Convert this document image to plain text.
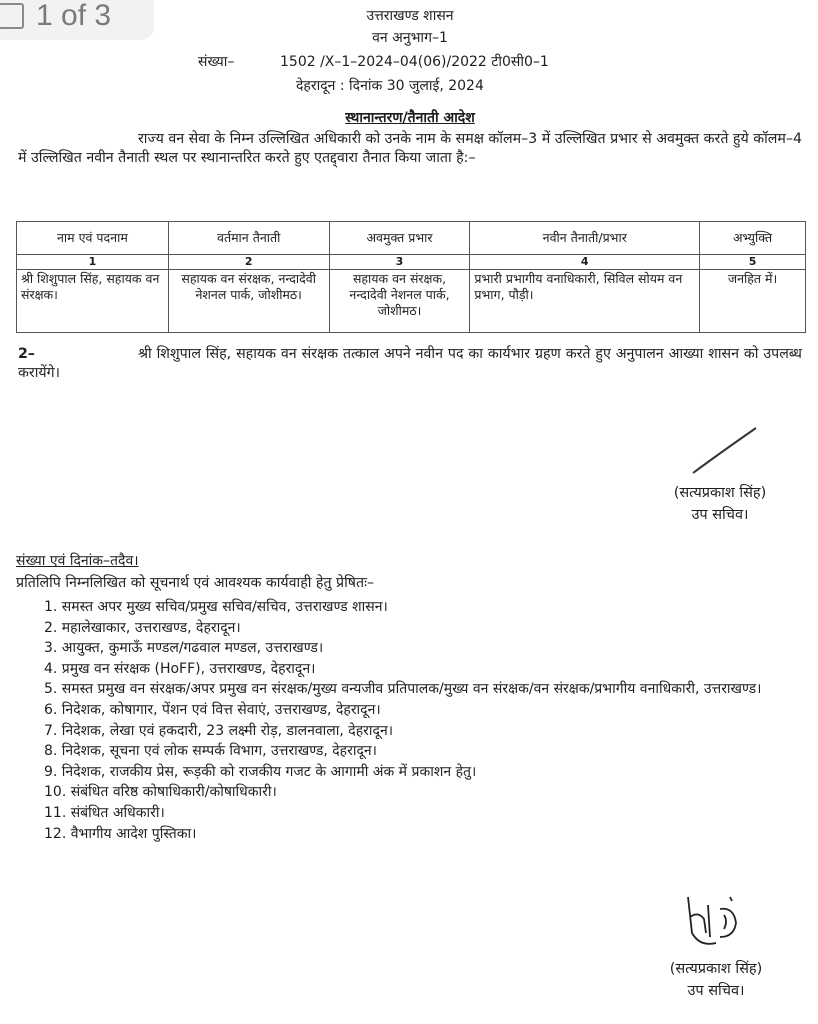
1 of 3	उत्तराखण्ड शासन
वन अनुभाग–1
संख्या–	1502 /X–1–2024–04(06)/2022 टी0सी0–1
देहरादून : दिनांक 30 जुलाई, 2024
स्थानान्तरण/तैनाती आदेश
राज्य वन सेवा के निम्न उल्लिखित अधिकारी को उनके नाम के समक्ष कॉलम–3 में उल्लिखित प्रभार से अवमुक्त करते हुये कॉलम–4 में उल्लिखित नवीन तैनाती स्थल पर स्थानान्तरित करते हुए एतद्द्वारा तैनात किया जाता है:–
नाम एवं पदनाम	वर्तमान तैनाती	अवमुक्त प्रभार	नवीन तैनाती/प्रभार	अभ्युक्ति
1	2	3	4	5
श्री शिशुपाल सिंह, सहायक वन संरक्षक।	सहायक वन संरक्षक, नन्दादेवी नेशनल पार्क, जोशीमठ।	सहायक वन संरक्षक, नन्दादेवी नेशनल पार्क, जोशीमठ।	प्रभारी प्रभागीय वनाधिकारी, सिविल सोयम वन प्रभाग, पौड़ी।	जनहित में।
2–	श्री शिशुपाल सिंह, सहायक वन संरक्षक तत्काल अपने नवीन पद का कार्यभार ग्रहण करते हुए अनुपालन आख्या शासन को उपलब्ध करायेंगे।
(सत्यप्रकाश सिंह)
उप सचिव।
संख्या एवं दिनांक–तदैव।
प्रतिलिपि निम्नलिखित को सूचनार्थ एवं आवश्यक कार्यवाही हेतु प्रेषितः–
1. समस्त अपर मुख्य सचिव/प्रमुख सचिव/सचिव, उत्तराखण्ड शासन।
2. महालेखाकार, उत्तराखण्ड, देहरादून।
3. आयुक्त, कुमाऊँ मण्डल/गढवाल मण्डल, उत्तराखण्ड।
4. प्रमुख वन संरक्षक (HoFF), उत्तराखण्ड, देहरादून।
5. समस्त प्रमुख वन संरक्षक/अपर प्रमुख वन संरक्षक/मुख्य वन्यजीव प्रतिपालक/मुख्य वन संरक्षक/वन संरक्षक/प्रभागीय वनाधिकारी, उत्तराखण्ड।
6. निदेशक, कोषागार, पेंशन एवं वित्त सेवाएं, उत्तराखण्ड, देहरादून।
7. निदेशक, लेखा एवं हकदारी, 23 लक्ष्मी रोड़, डालनवाला, देहरादून।
8. निदेशक, सूचना एवं लोक सम्पर्क विभाग, उत्तराखण्ड, देहरादून।
9. निदेशक, राजकीय प्रेस, रूड़की को राजकीय गजट के आगामी अंक में प्रकाशन हेतु।
10. संबंधित वरिष्ठ कोषाधिकारी/कोषाधिकारी।
11. संबंधित अधिकारी।
12. वैभागीय आदेश पुस्तिका।
(सत्यप्रकाश सिंह)
उप सचिव।
